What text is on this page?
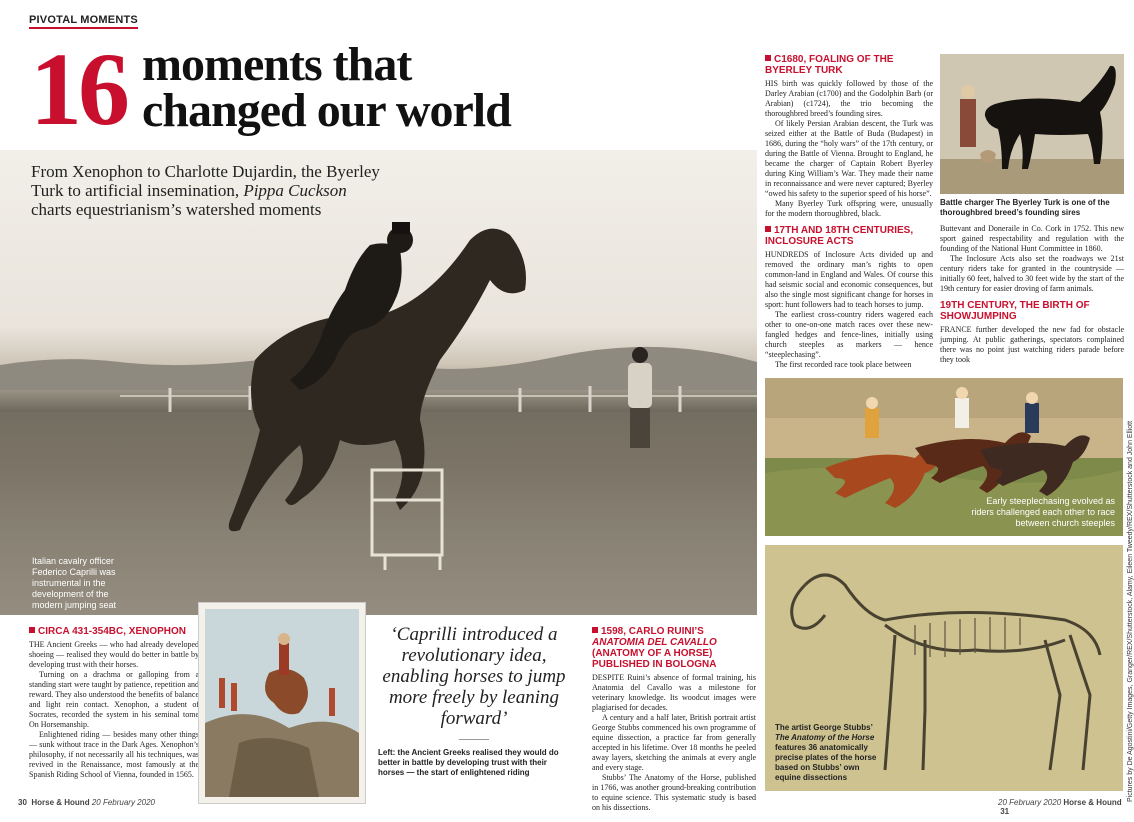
Italian cavalry officer Federico Caprilli was instrumental in the development of the modern jumping seat
PIVOTAL MOMENTS
16 moments that
changed our world
From Xenophon to Charlotte Dujardin, the Byerley Turk to artificial insemination, Pippa Cuckson charts equestrianism’s watershed moments
CIRCA 431-354BC, XENOPHON

THE Ancient Greeks — who had already developed shoeing — realised they would do better in battle by developing trust with their horses.

Turning on a drachma or galloping from a standing start were taught by patience, repetition and reward. They also understood the benefits of balance and light rein contact. Xenophon, a student of Socrates, recorded the system in his seminal tome On Horsemanship.

Enlightened riding — besides many other things — sunk without trace in the Dark Ages. Xenophon’s philosophy, if not necessarily all his techniques, was revived in the Renaissance, most famously at the Spanish Riding School of Vienna, founded in 1565.

‘Caprilli introduced a revolutionary idea, enabling horses to jump more freely by leaning forward’
Left: the Ancient Greeks realised they would do better in battle by developing trust with their horses — the start of enlightened riding
1598, CARLO RUINI’S ANATOMIA DEL CAVALLO (ANATOMY OF A HORSE) PUBLISHED IN BOLOGNA

DESPITE Ruini’s absence of formal training, his Anatomia del Cavallo was a milestone for veterinary knowledge. Its woodcut images were plagiarised for decades.

A century and a half later, British portrait artist George Stubbs commenced his own programme of equine dissection, a practice far from generally accepted in his lifetime. Over 18 months he peeled away layers, sketching the animals at every angle and every stage.

Stubbs’ The Anatomy of the Horse, published in 1766, was another ground-breaking contribution to equine science. This systematic study is based on his dissections.

C1680, FOALING OF THE BYERLEY TURK

HIS birth was quickly followed by those of the Darley Arabian (c1700) and the Godolphin Barb (or Arabian) (c1724), the trio becoming the thoroughbred breed’s founding sires.

Of likely Persian Arabian descent, the Turk was seized either at the Battle of Buda (Budapest) in 1686, during the “holy wars” of the 17th century, or during the Battle of Vienna. Brought to England, he became the charger of Captain Robert Byerley during King William’s War. They made their name in reconnaissance and were never captured; Byerley “owed his safety to the superior speed of his horse”.

Many Byerley Turk offspring were, unusually for the modern thoroughbred, black.

17TH AND 18TH CENTURIES, INCLOSURE ACTS

HUNDREDS of Inclosure Acts divided up and removed the ordinary man’s rights to open common-land in England and Wales. Of course this had seismic social and economic consequences, but also the single most significant change for horses in sport: hunt followers had to teach horses to jump.

The earliest cross-country riders wagered each other to one-on-one match races over these new-fangled hedges and fence-lines, initially using church steeples as markers — hence “steeplechasing”.

The first recorded race took place between

Battle charger The Byerley Turk is one of the thoroughbred breed’s founding sires

Buttevant and Doneraile in Co. Cork in 1752. This new sport gained respectability and regulation with the founding of the National Hunt Committee in 1860.

The Inclosure Acts also set the roadways we 21st century riders take for granted in the countryside — initially 60 feet, halved to 30 feet wide by the start of the 19th century for easier droving of farm animals.

19TH CENTURY, THE BIRTH OF SHOWJUMPING

FRANCE further developed the new fad for obstacle jumping. At public gatherings, spectators complained there was no point just watching riders parade before they took

Early steeplechasing evolved as riders challenged each other to race between church steeples
The artist George Stubbs’ The Anatomy of the Horse features 36 anatomically precise plates of the horse based on Stubbs’ own equine dissections	Pictures by De Agostini/Getty Images, Granger/REX/Shutterstock, Alamy, Eileen Tweedy/REX/Shutterstock and John Elliott
30 Horse & Hound 20 February 2020	20 February 2020 Horse & Hound  31
